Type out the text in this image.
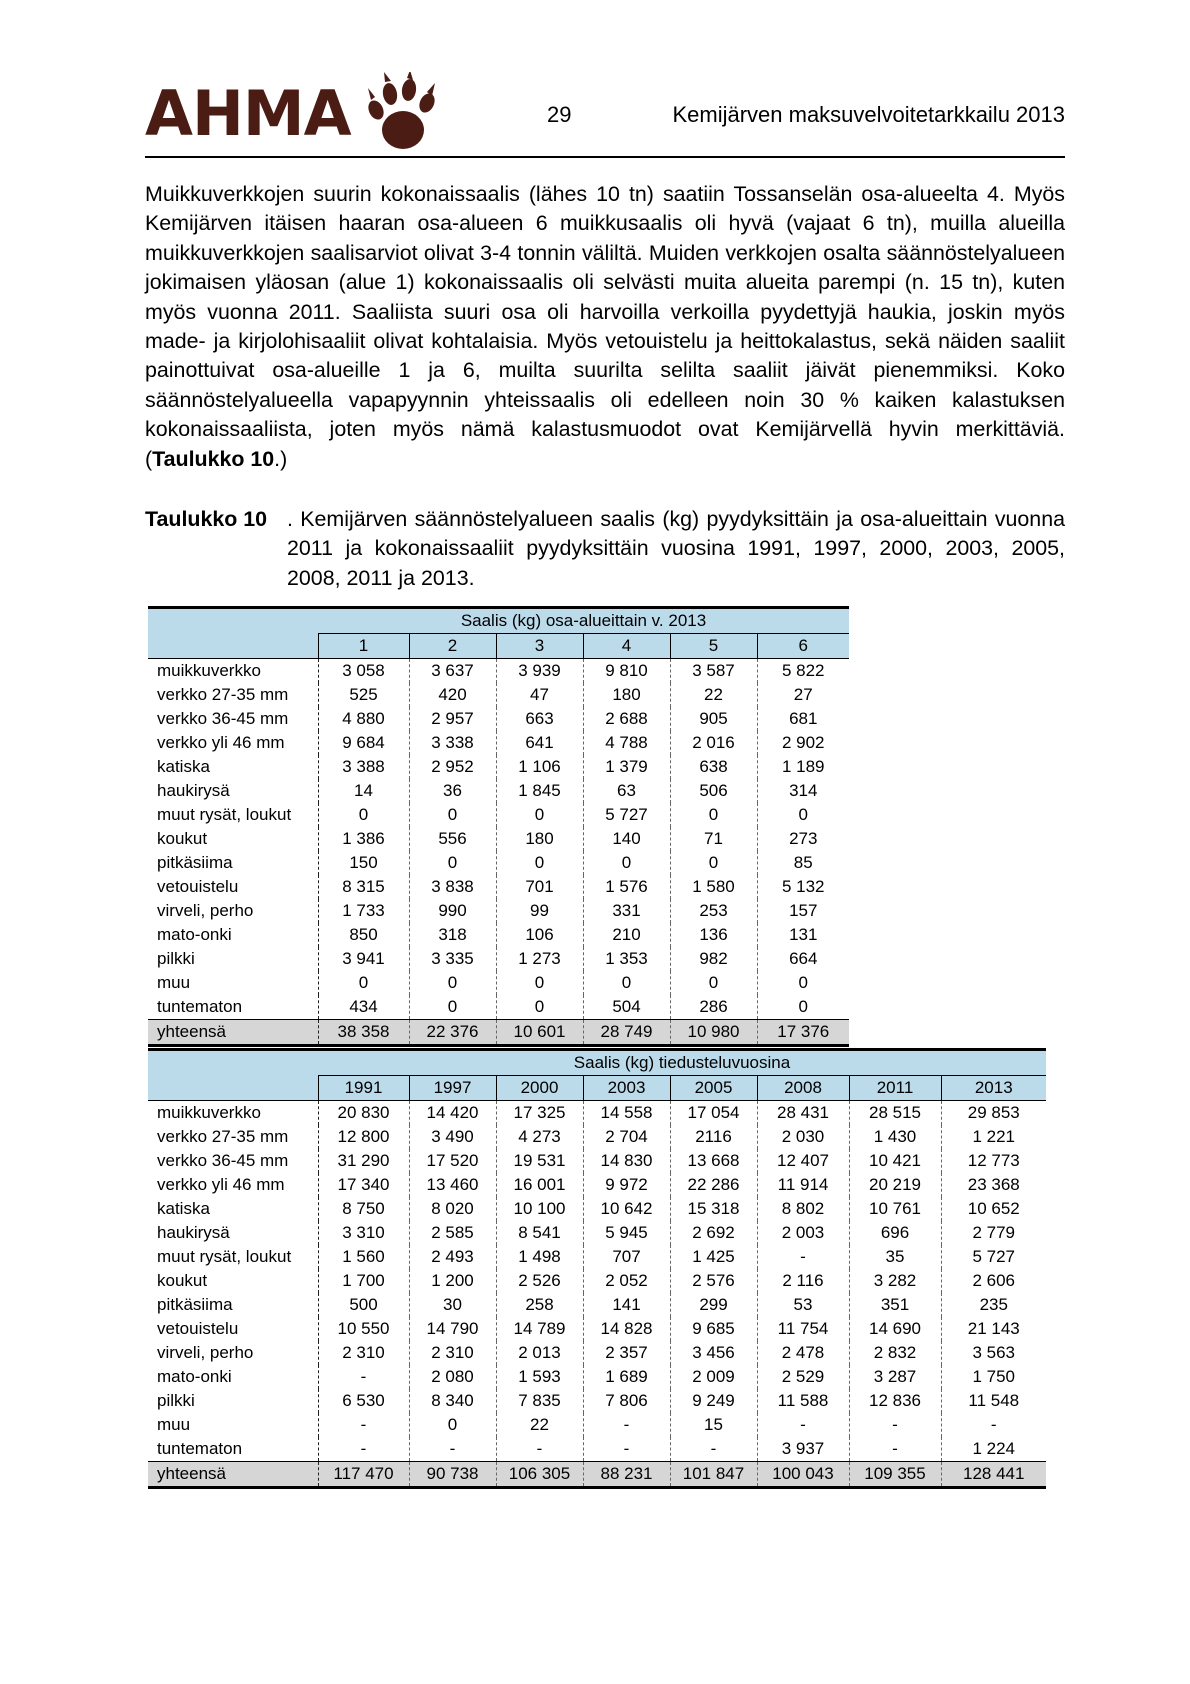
AHMA	29	Kemijärven maksuvelvoitetarkkailu 2013

Muikkuverkkojen suurin kokonaissaalis (lähes 10 tn) saatiin Tossanselän osa-alueelta 4. Myös Kemijärven itäisen haaran osa-alueen 6 muikkusaalis oli hyvä (vajaat 6 tn), muilla alueilla muikkuverkkojen saalisarviot olivat 3-4 tonnin väliltä. Muiden verkkojen osalta säännöstelyalueen jokimaisen yläosan (alue 1) kokonaissaalis oli selvästi muita alueita parempi (n. 15 tn), kuten myös vuonna 2011. Saaliista suuri osa oli harvoilla verkoilla pyydettyjä haukia, joskin myös made- ja kirjolohisaaliit olivat kohtalaisia. Myös vetouistelu ja heittokalastus, sekä näiden saaliit painottuivat osa-alueille 1 ja 6, muilta suurilta selilta saaliit jäivät pienemmiksi. Koko säännöstelyalueella vapapyynnin yhteissaalis oli edelleen noin 30 % kaiken kalastuksen kokonaissaaliista, joten myös nämä kalastusmuodot ovat Kemijärvellä hyvin merkittäviä. (Taulukko 10.)

Taulukko 10 . Kemijärven säännöstelyalueen saalis (kg) pyydyksittäin ja osa-alueittain vuonna 2011 ja kokonaissaaliit pyydyksittäin vuosina 1991, 1997, 2000, 2003, 2005, 2008, 2011 ja 2013.
	Saalis (kg) osa-alueittain v. 2013					
	1	2	3	4	5	6
muikkuverkko	3 058	3 637	3 939	9 810	3 587	5 822
verkko 27-35 mm	525	420	47	180	22	27
verkko 36-45 mm	4 880	2 957	663	2 688	905	681
verkko yli 46 mm	9 684	3 338	641	4 788	2 016	2 902
katiska	3 388	2 952	1 106	1 379	638	1 189
haukirysä	14	36	1 845	63	506	314
muut rysät, loukut	0	0	0	5 727	0	0
koukut	1 386	556	180	140	71	273
pitkäsiima	150	0	0	0	0	85
vetouistelu	8 315	3 838	701	1 576	1 580	5 132
virveli, perho	1 733	990	99	331	253	157
mato-onki	850	318	106	210	136	131
pilkki	3 941	3 335	1 273	1 353	982	664
muu	0	0	0	0	0	0
tuntematon	434	0	0	504	286	0
yhteensä	38 358	22 376	10 601	28 749	10 980	17 376
	Saalis (kg) tiedusteluvuosina							
	1991	1997	2000	2003	2005	2008	2011	2013
muikkuverkko	20 830	14 420	17 325	14 558	17 054	28 431	28 515	29 853
verkko 27-35 mm	12 800	3 490	4 273	2 704	2116	2 030	1 430	1 221
verkko 36-45 mm	31 290	17 520	19 531	14 830	13 668	12 407	10 421	12 773
verkko yli 46 mm	17 340	13 460	16 001	9 972	22 286	11 914	20 219	23 368
katiska	8 750	8 020	10 100	10 642	15 318	8 802	10 761	10 652
haukirysä	3 310	2 585	8 541	5 945	2 692	2 003	696	2 779
muut rysät, loukut	1 560	2 493	1 498	707	1 425	-	35	5 727
koukut	1 700	1 200	2 526	2 052	2 576	2 116	3 282	2 606
pitkäsiima	500	30	258	141	299	53	351	235
vetouistelu	10 550	14 790	14 789	14 828	9 685	11 754	14 690	21 143
virveli, perho	2 310	2 310	2 013	2 357	3 456	2 478	2 832	3 563
mato-onki	-	2 080	1 593	1 689	2 009	2 529	3 287	1 750
pilkki	6 530	8 340	7 835	7 806	9 249	11 588	12 836	11 548
muu	-	0	22	-	15	-	-	-
tuntematon	-	-	-	-	-	3 937	-	1 224
yhteensä	117 470	90 738	106 305	88 231	101 847	100 043	109 355	128 441
